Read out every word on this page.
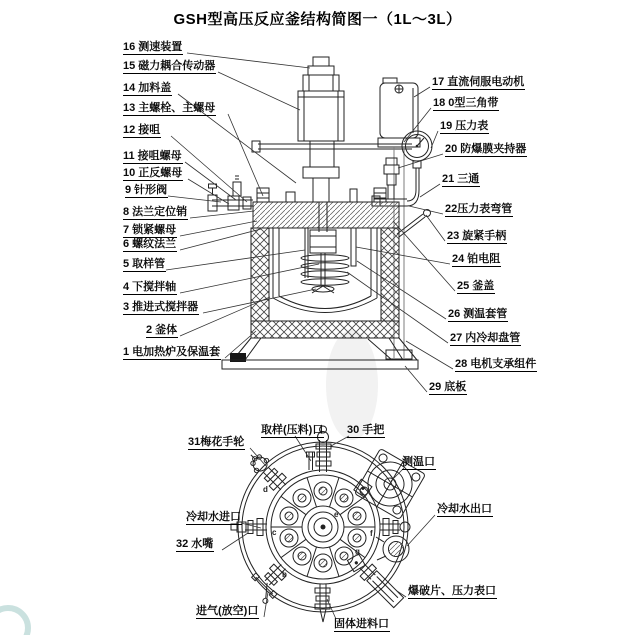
GSH型高压反应釜结构简图一（1L～3L）
16 测速装置
15 磁力耦合传动器
14 加料盖
13 主螺栓、主螺母
12 接咀
11 接咀螺母
10 正反螺母
9 针形阀
8 法兰定位销
7 锁紧螺母
6 螺纹法兰
5 取样管
4 下搅拌轴
3 推进式搅拌器
2 釜体
1 电加热炉及保温套
17 直流伺服电动机
18 0型三角带
19 压力表
20 防爆膜夹持器
21 三通
22压力表弯管
23 旋紧手柄
24 铂电阻
25 釜盖
26 测温套管
27 内冷却盘管
28 电机支承组件
29 底板
31梅花手轮
取样(压料)口 30 手把
测温口
冷却水进口
冷却水出口
32 水嘴
进气(放空)口
固体进料口
爆破片、压力表口
d
c
b
e
f
g
